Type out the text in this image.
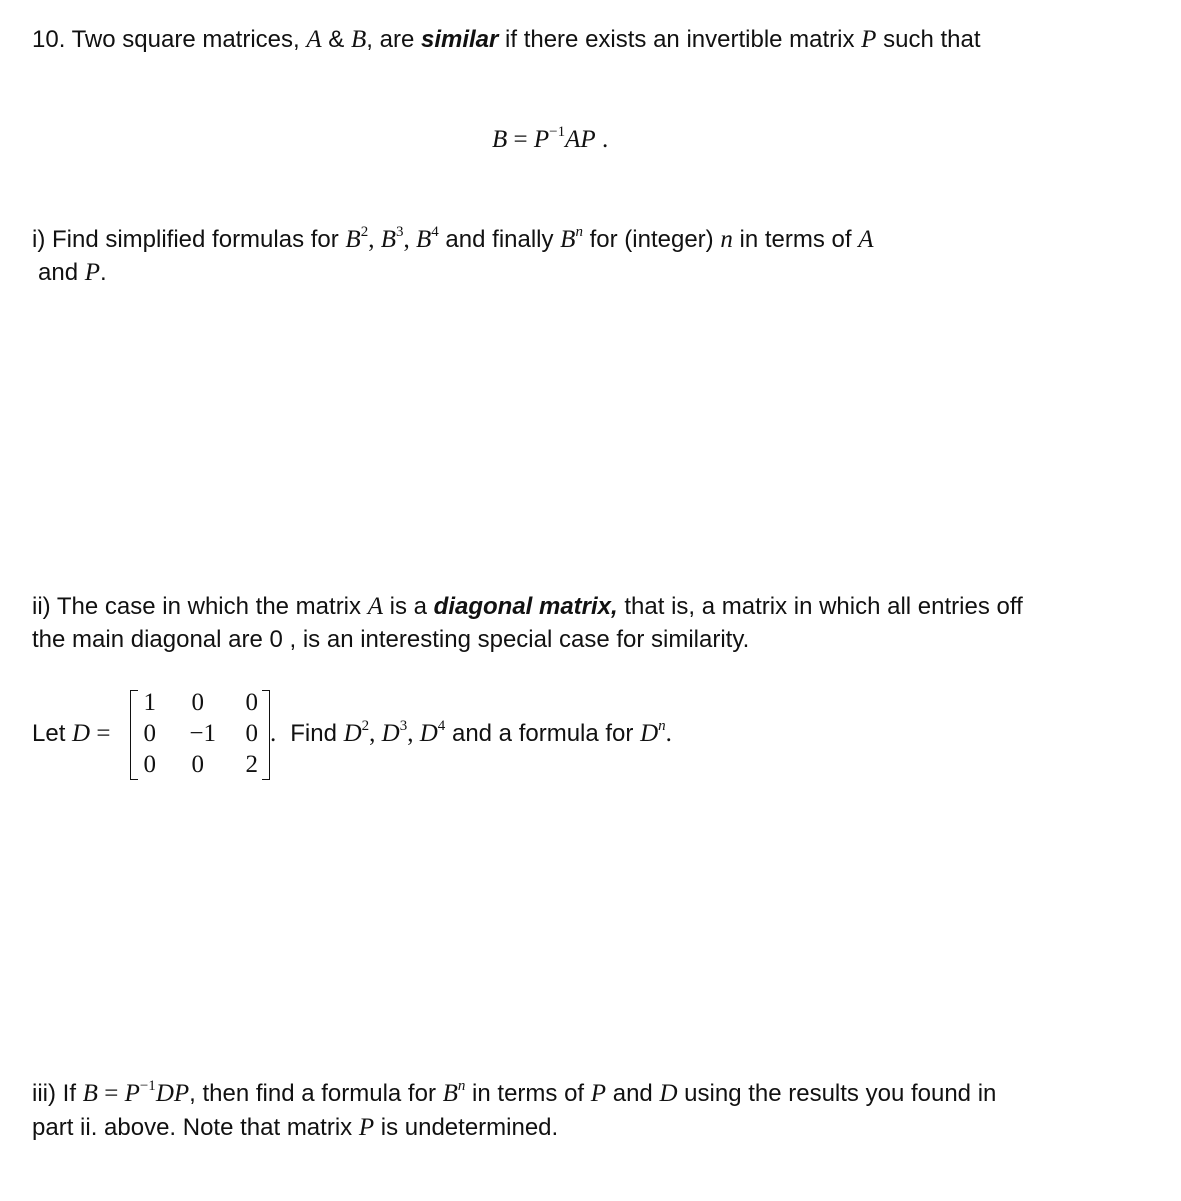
10. Two square matrices, A & B, are similar if there exists an invertible matrix P such that
$B = P^{-1}AP$ .
i) Find simplified formulas for $B^2$, $B^3$, $B^4$ and finally $B^n$ for (integer) n in terms of A
and P.
ii) The case in which the matrix A is a diagonal matrix, that is, a matrix in which all entries off
the main diagonal are 0 , is an interesting special case for similarity.
Let D =
1	0	0
0	−1	0
0	0	2
. Find $D^2$, $D^3$, $D^4$ and a formula for $D^n$.
iii) If $B = P^{-1}DP$, then find a formula for $B^n$ in terms of P and D using the results you found in
part ii. above. Note that matrix P is undetermined.
